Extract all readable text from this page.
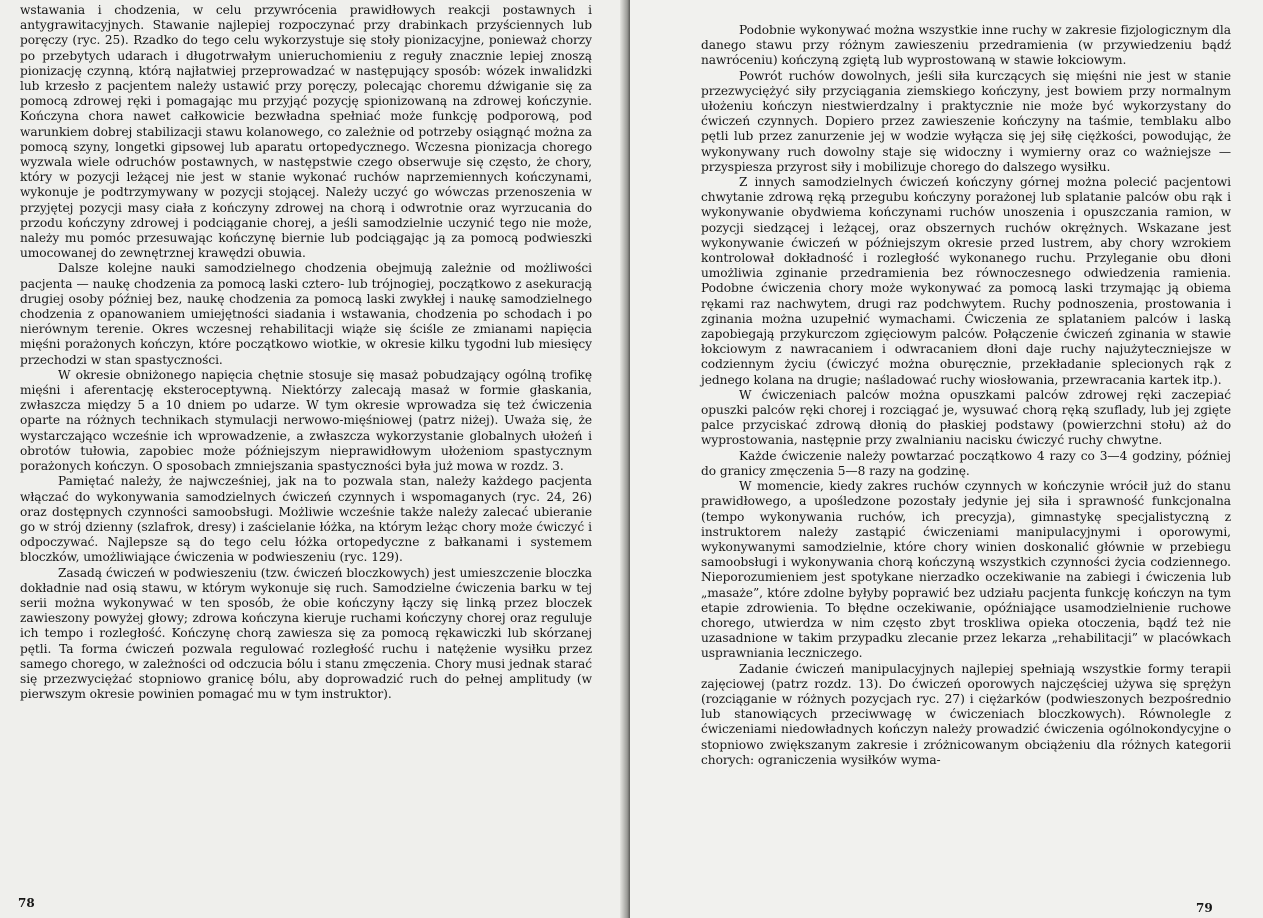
wstawania i chodzenia, w celu przywrócenia prawidłowych reakcji postawnych i antygrawitacyjnych. Stawanie najlepiej rozpoczynać przy drabinkach przyściennych lub poręczy (ryc. 25). Rzadko do tego celu wykorzystuje się stoły pionizacyjne, ponieważ chorzy po przebytych udarach i długotrwałym unieruchomieniu z reguły znacznie lepiej znoszą pionizację czynną, którą najłatwiej przeprowadzać w następujący sposób: wózek inwalidzki lub krzesło z pacjentem należy ustawić przy poręczy, polecając choremu dźwiganie się za pomocą zdrowej ręki i pomagając mu przyjąć pozycję spionizowaną na zdrowej kończynie. Kończyna chora nawet całkowicie bezwładna spełniać może funkcję podporową, pod warunkiem dobrej stabilizacji stawu kolanowego, co zależnie od potrzeby osiągnąć można za pomocą szyny, longetki gipsowej lub aparatu ortopedycznego. Wczesna pionizacja chorego wyzwala wiele odruchów postawnych, w następstwie czego obserwuje się często, że chory, który w pozycji leżącej nie jest w stanie wykonać ruchów naprzemiennych kończynami, wykonuje je podtrzymywany w pozycji stojącej. Należy uczyć go wówczas przenoszenia w przyjętej pozycji masy ciała z kończyny zdrowej na chorą i odwrotnie oraz wyrzucania do przodu kończyny zdrowej i podciąganie chorej, a jeśli samodzielnie uczynić tego nie może, należy mu pomóc przesuwając kończynę biernie lub podciągając ją za pomocą podwieszki umocowanej do zewnętrznej krawędzi obuwia.

Dalsze kolejne nauki samodzielnego chodzenia obejmują zależnie od możliwości pacjenta — naukę chodzenia za pomocą laski cztero- lub trójnogiej, początkowo z asekuracją drugiej osoby później bez, naukę chodzenia za pomocą laski zwykłej i naukę samodzielnego chodzenia z opanowaniem umiejętności siadania i wstawania, chodzenia po schodach i po nierównym terenie. Okres wczesnej rehabilitacji wiąże się ściśle ze zmianami napięcia mięśni porażonych kończyn, które początkowo wiotkie, w okresie kilku tygodni lub miesięcy przechodzi w stan spastyczności.

W okresie obniżonego napięcia chętnie stosuje się masaż pobudzający ogólną trofikę mięśni i aferentację eksteroceptywną. Niektórzy zalecają masaż w formie głaskania, zwłaszcza między 5 a 10 dniem po udarze. W tym okresie wprowadza się też ćwiczenia oparte na różnych technikach stymulacji nerwowo-mięśniowej (patrz niżej). Uważa się, że wystarczająco wcześnie ich wprowadzenie, a zwłaszcza wykorzystanie globalnych ułożeń i obrotów tułowia, zapobiec może późniejszym nieprawidłowym ułożeniom spastycznym porażonych kończyn. O sposobach zmniejszania spastyczności była już mowa w rozdz. 3.

Pamiętać należy, że najwcześniej, jak na to pozwala stan, należy każdego pacjenta włączać do wykonywania samodzielnych ćwiczeń czynnych i wspomaganych (ryc. 24, 26) oraz dostępnych czynności samoobsługi. Możliwie wcześnie także należy zalecać ubieranie go w strój dzienny (szlafrok, dresy) i zaścielanie łóżka, na którym leżąc chory może ćwiczyć i odpoczywać. Najlepsze są do tego celu łóżka ortopedyczne z bałkanami i systemem bloczków, umożliwiające ćwiczenia w podwieszeniu (ryc. 129).

Zasadą ćwiczeń w podwieszeniu (tzw. ćwiczeń bloczkowych) jest umieszczenie bloczka dokładnie nad osią stawu, w którym wykonuje się ruch. Samodzielne ćwiczenia barku w tej serii można wykonywać w ten sposób, że obie kończyny łączy się linką przez bloczek zawieszony powyżej głowy; zdrowa kończyna kieruje ruchami kończyny chorej oraz reguluje ich tempo i rozległość. Kończynę chorą zawiesza się za pomocą rękawiczki lub skórzanej pętli. Ta forma ćwiczeń pozwala regulować rozległość ruchu i natężenie wysiłku przez samego chorego, w zależności od odczucia bólu i stanu zmęczenia. Chory musi jednak starać się przezwyciężać stopniowo granicę bólu, aby doprowadzić ruch do pełnej amplitudy (w pierwszym okresie powinien pomagać mu w tym instruktor).

78

Podobnie wykonywać można wszystkie inne ruchy w zakresie fizjologicznym dla danego stawu przy różnym zawieszeniu przedramienia (w przywiedzeniu bądź nawróceniu) kończyną zgiętą lub wyprostowaną w stawie łokciowym.

Powrót ruchów dowolnych, jeśli siła kurczących się mięśni nie jest w stanie przezwyciężyć siły przyciągania ziemskiego kończyny, jest bowiem przy normalnym ułożeniu kończyn niestwierdzalny i praktycznie nie może być wykorzystany do ćwiczeń czynnych. Dopiero przez zawieszenie kończyny na taśmie, temblaku albo pętli lub przez zanurzenie jej w wodzie wyłącza się jej siłę ciężkości, powodując, że wykonywany ruch dowolny staje się widoczny i wymierny oraz co ważniejsze — przyspiesza przyrost siły i mobilizuje chorego do dalszego wysiłku.

Z innych samodzielnych ćwiczeń kończyny górnej można polecić pacjentowi chwytanie zdrową ręką przegubu kończyny porażonej lub splatanie palców obu rąk i wykonywanie obydwiema kończynami ruchów unoszenia i opuszczania ramion, w pozycji siedzącej i leżącej, oraz obszernych ruchów okrężnych. Wskazane jest wykonywanie ćwiczeń w późniejszym okresie przed lustrem, aby chory wzrokiem kontrolował dokładność i rozległość wykonanego ruchu. Przyleganie obu dłoni umożliwia zginanie przedramienia bez równoczesnego odwiedzenia ramienia. Podobne ćwiczenia chory może wykonywać za pomocą laski trzymając ją obiema rękami raz nachwytem, drugi raz podchwytem. Ruchy podnoszenia, prostowania i zginania można uzupełnić wymachami. Ćwiczenia ze splataniem palców i laską zapobiegają przykurczom zgięciowym palców. Połączenie ćwiczeń zginania w stawie łokciowym z nawracaniem i odwracaniem dłoni daje ruchy najużyteczniejsze w codziennym życiu (ćwiczyć można oburęcznie, przekładanie splecionych rąk z jednego kolana na drugie; naśladować ruchy wiosłowania, przewracania kartek itp.).

W ćwiczeniach palców można opuszkami palców zdrowej ręki zaczepiać opuszki palców ręki chorej i rozciągać je, wysuwać chorą ręką szuflady, lub jej zgięte palce przyciskać zdrową dłonią do płaskiej podstawy (powierzchni stołu) aż do wyprostowania, następnie przy zwalnianiu nacisku ćwiczyć ruchy chwytne.

Każde ćwiczenie należy powtarzać początkowo 4 razy co 3—4 godziny, później do granicy zmęczenia 5—8 razy na godzinę.

W momencie, kiedy zakres ruchów czynnych w kończynie wrócił już do stanu prawidłowego, a upośledzone pozostały jedynie jej siła i sprawność funkcjonalna (tempo wykonywania ruchów, ich precyzja), gimnastykę specjalistyczną z instruktorem należy zastąpić ćwiczeniami manipulacyjnymi i oporowymi, wykonywanymi samodzielnie, które chory winien doskonalić głównie w przebiegu samoobsługi i wykonywania chorą kończyną wszystkich czynności życia codziennego. Nieporozumieniem jest spotykane nierzadko oczekiwanie na zabiegi i ćwiczenia lub „masaże”, które zdolne byłyby poprawić bez udziału pacjenta funkcję kończyn na tym etapie zdrowienia. To błędne oczekiwanie, opóźniające usamodzielnienie ruchowe chorego, utwierdza w nim często zbyt troskliwa opieka otoczenia, bądź też nie uzasadnione w takim przypadku zlecanie przez lekarza „rehabilitacji” w placówkach usprawniania leczniczego.

Zadanie ćwiczeń manipulacyjnych najlepiej spełniają wszystkie formy terapii zajęciowej (patrz rozdz. 13). Do ćwiczeń oporowych najczęściej używa się sprężyn (rozciąganie w różnych pozycjach ryc. 27) i ciężarków (podwieszonych bezpośrednio lub stanowiących przeciwwagę w ćwiczeniach bloczkowych). Równolegle z ćwiczeniami niedowładnych kończyn należy prowadzić ćwiczenia ogólnokondycyjne o stopniowo zwiększanym zakresie i zróżnicowanym obciążeniu dla różnych kategorii chorych: ograniczenia wysiłków wyma-

79
